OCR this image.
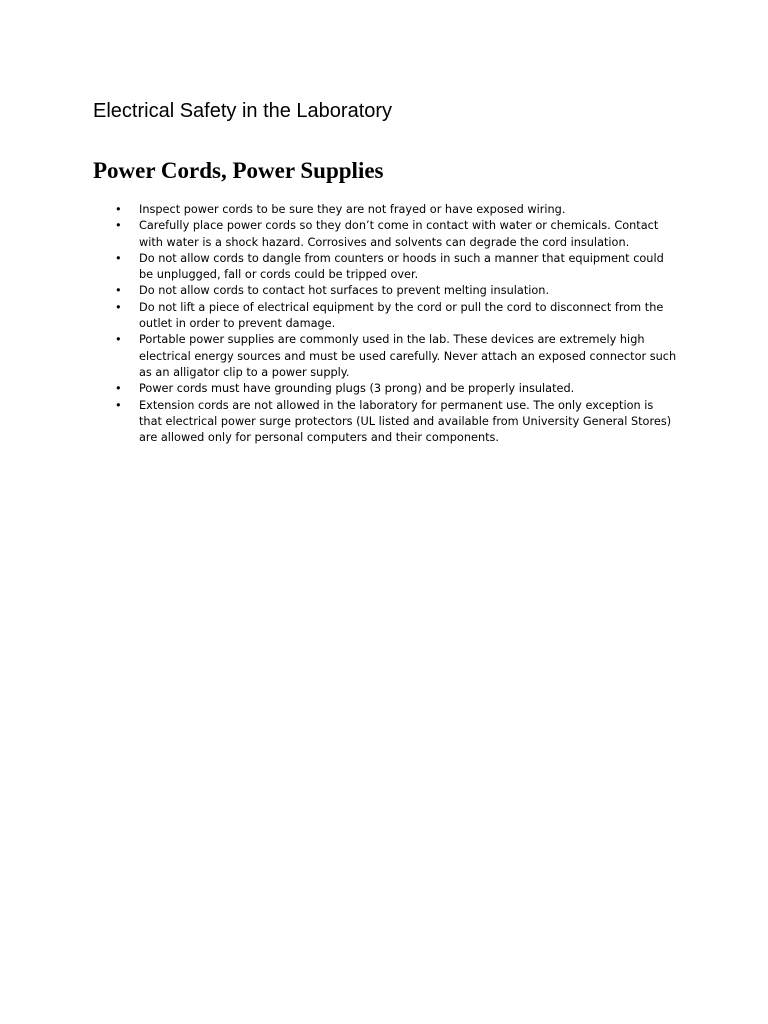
Electrical Safety in the Laboratory
Power Cords, Power Supplies
• Inspect power cords to be sure they are not frayed or have exposed wiring.
• Carefully place power cords so they don’t come in contact with water or chemicals. Contact with water is a shock hazard. Corrosives and solvents can degrade the cord insulation.
• Do not allow cords to dangle from counters or hoods in such a manner that equipment could be unplugged, fall or cords could be tripped over.
• Do not allow cords to contact hot surfaces to prevent melting insulation.
• Do not lift a piece of electrical equipment by the cord or pull the cord to disconnect from the outlet in order to prevent damage.
• Portable power supplies are commonly used in the lab. These devices are extremely high electrical energy sources and must be used carefully. Never attach an exposed connector such as an alligator clip to a power supply.
• Power cords must have grounding plugs (3 prong) and be properly insulated.
• Extension cords are not allowed in the laboratory for permanent use. The only exception is that electrical power surge protectors (UL listed and available from University General Stores) are allowed only for personal computers and their components.
